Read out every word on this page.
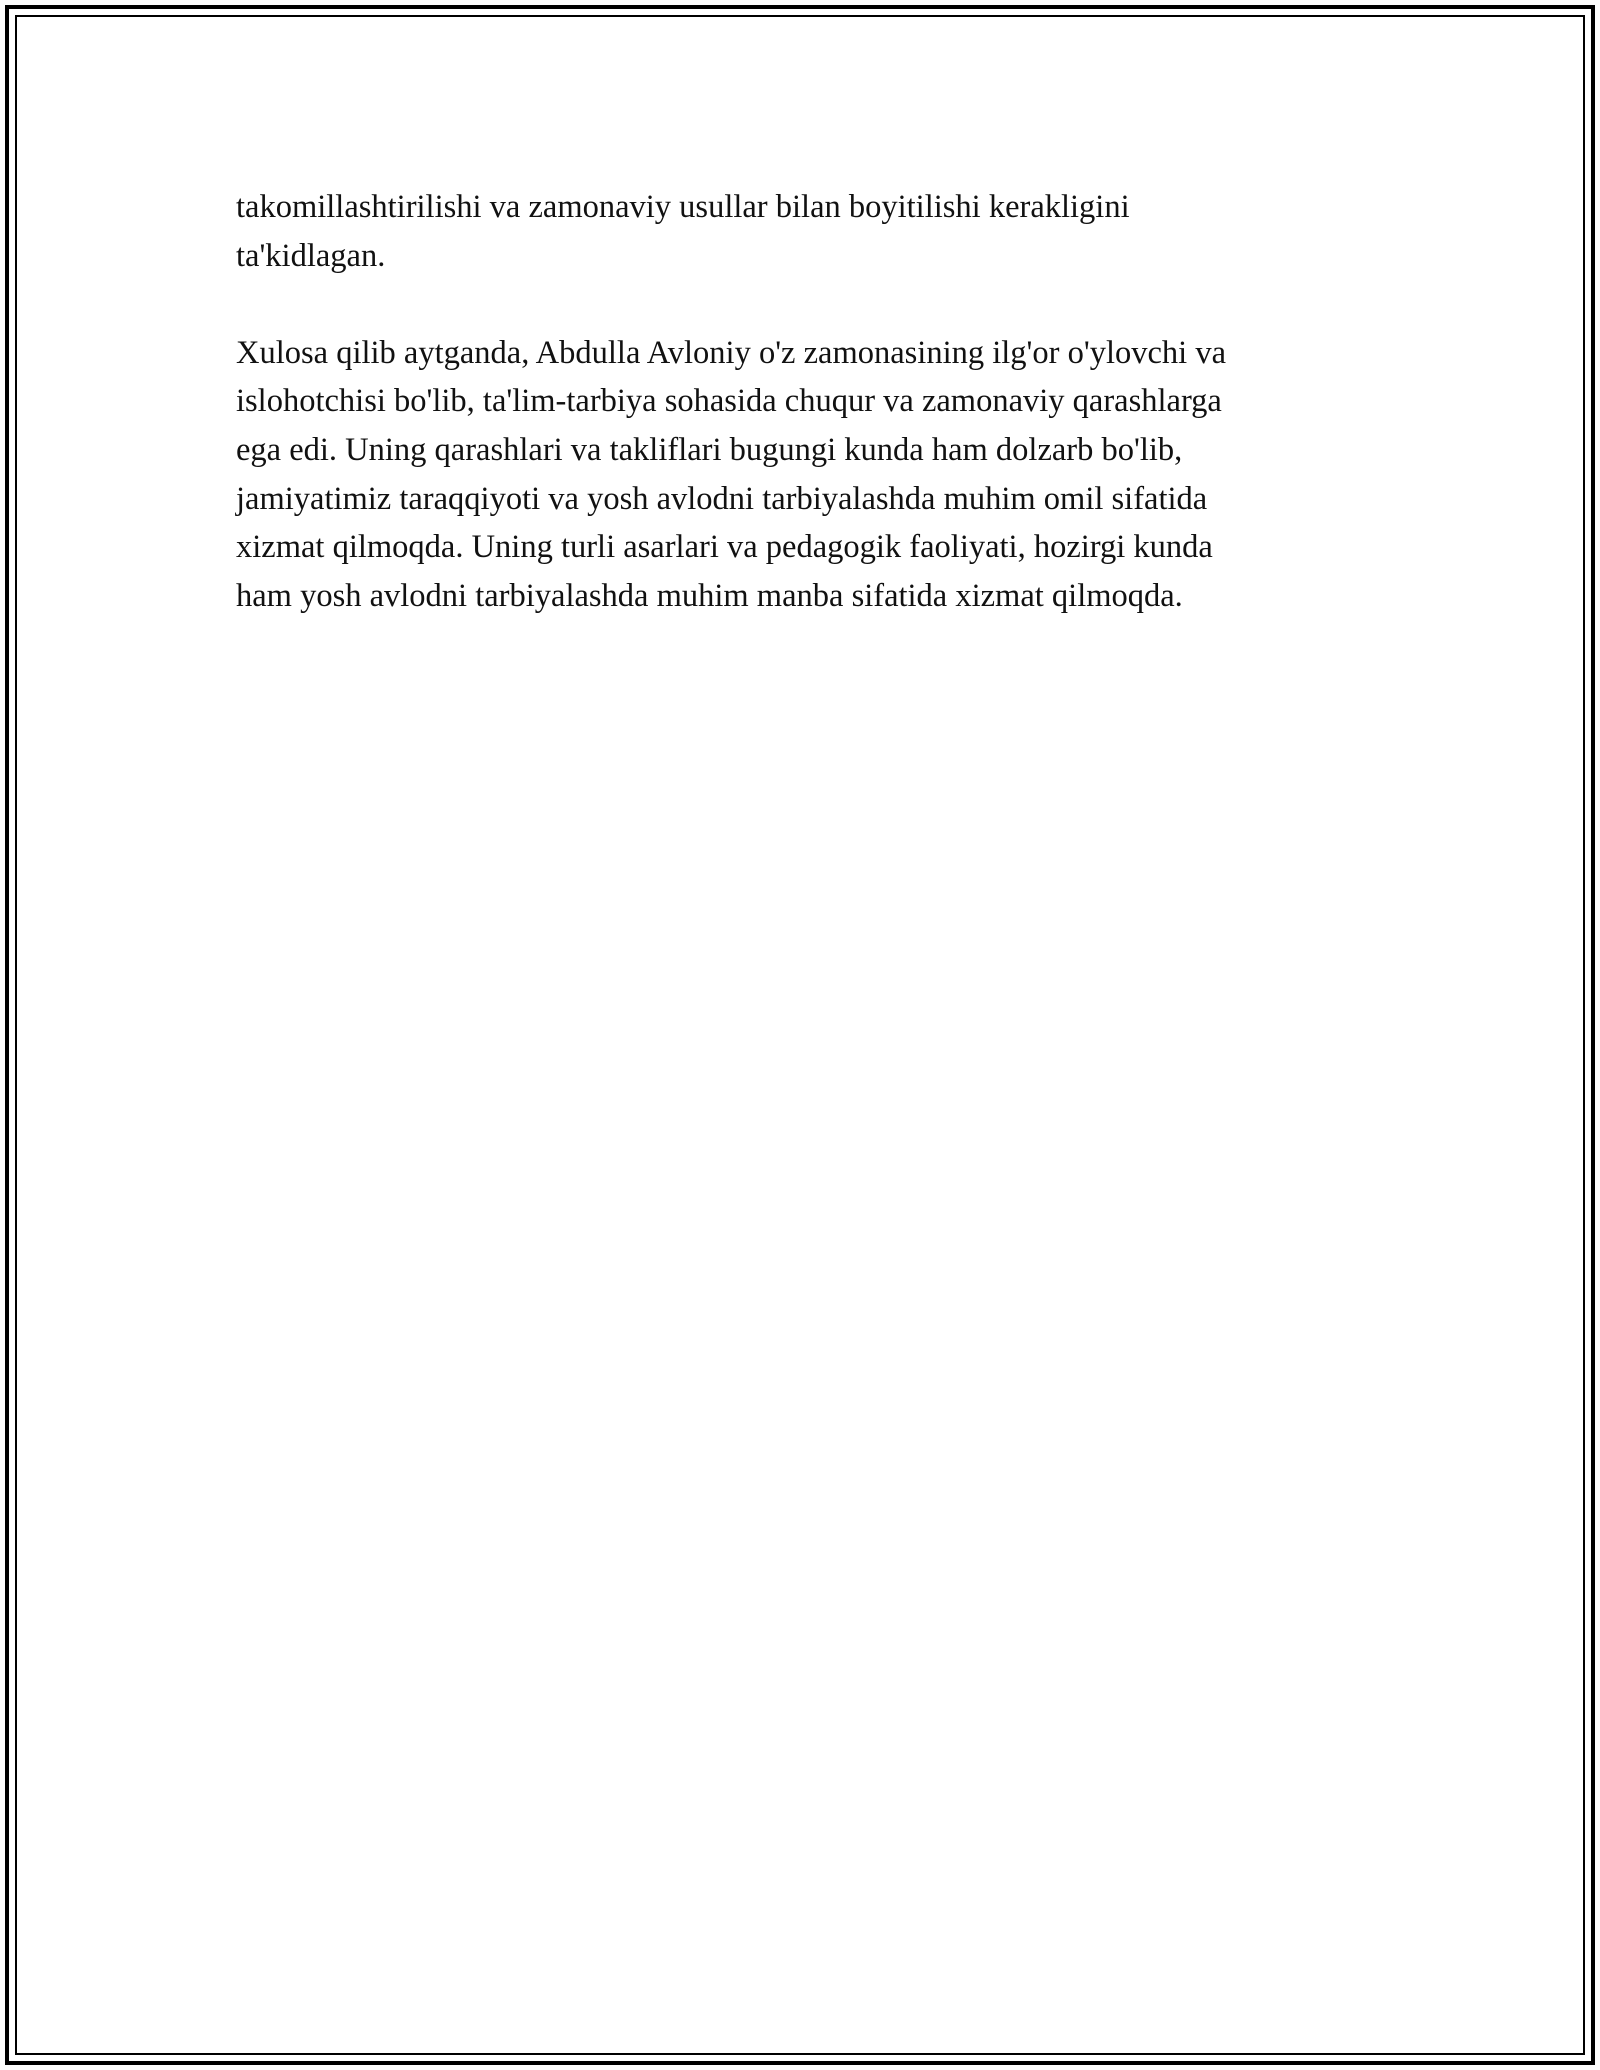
takomillashtirilishi va zamonaviy usullar bilan boyitilishi kerakligini
ta'kidlagan.
Xulosa qilib aytganda, Abdulla Avloniy o'z zamonasining ilg'or o'ylovchi va
islohotchisi bo'lib, ta'lim-tarbiya sohasida chuqur va zamonaviy qarashlarga
ega edi. Uning qarashlari va takliflari bugungi kunda ham dolzarb bo'lib,
jamiyatimiz taraqqiyoti va yosh avlodni tarbiyalashda muhim omil sifatida
xizmat qilmoqda. Uning turli asarlari va pedagogik faoliyati, hozirgi kunda
ham yosh avlodni tarbiyalashda muhim manba sifatida xizmat qilmoqda.
